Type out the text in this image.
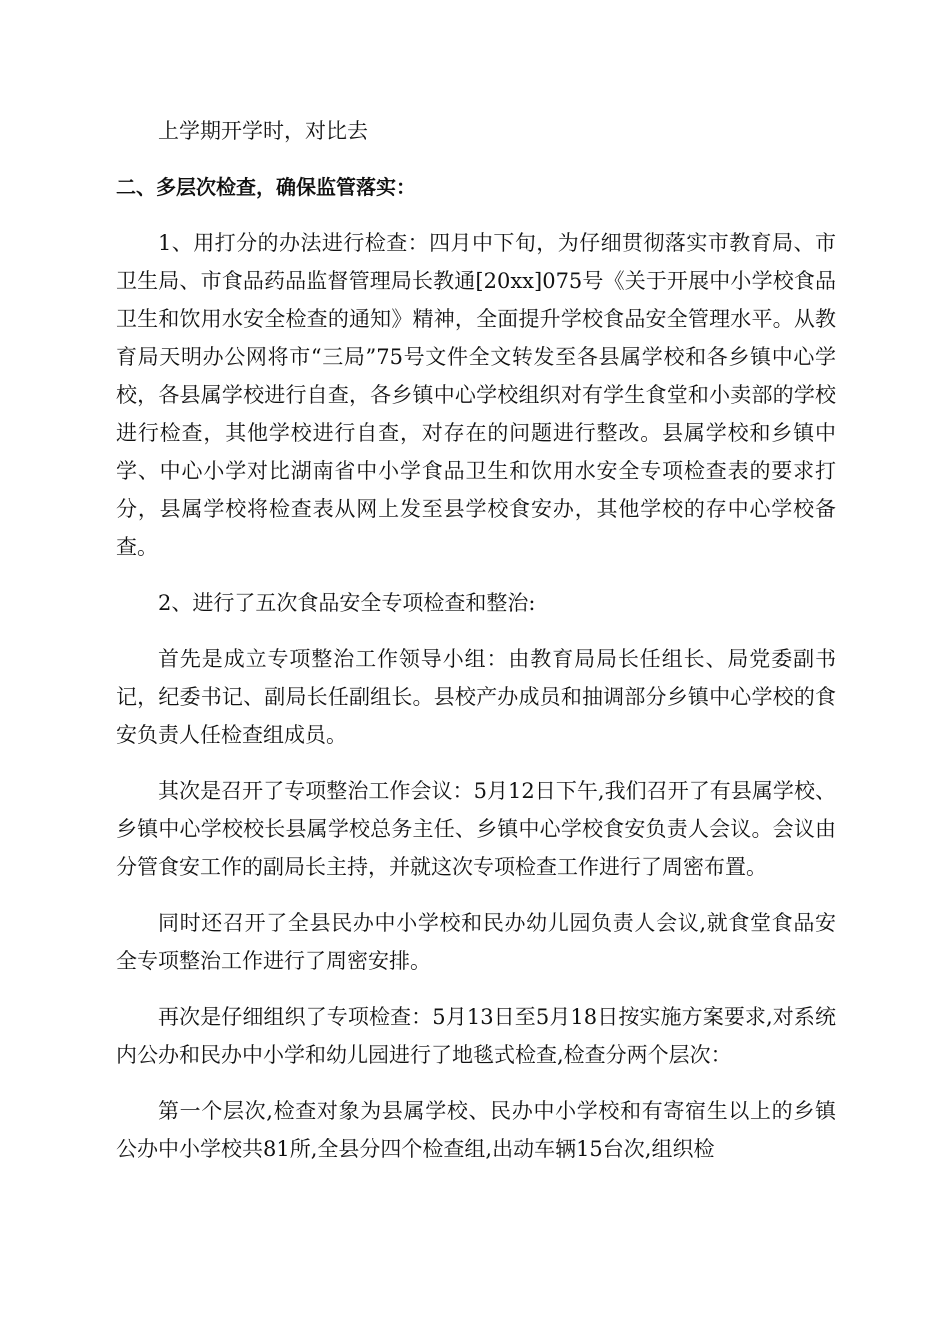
上学期开学时，对比去

二、多层次检查，确保监管落实：

1、用打分的办法进行检查：四月中下旬，为仔细贯彻落实市教育局、市卫生局、市食品药品监督管理局长教通[20xx]075号《关于开展中小学校食品卫生和饮用水安全检查的通知》精神，全面提升学校食品安全管理水平。从教育局天明办公网将市“三局”75号文件全文转发至各县属学校和各乡镇中心学校，各县属学校进行自查，各乡镇中心学校组织对有学生食堂和小卖部的学校进行检查，其他学校进行自查，对存在的问题进行整改。县属学校和乡镇中学、中心小学对比湖南省中小学食品卫生和饮用水安全专项检查表的要求打分，县属学校将检查表从网上发至县学校食安办，其他学校的存中心学校备查。

2、进行了五次食品安全专项检查和整治:

首先是成立专项整治工作领导小组：由教育局局长任组长、局党委副书记，纪委书记、副局长任副组长。县校产办成员和抽调部分乡镇中心学校的食安负责人任检查组成员。

其次是召开了专项整治工作会议：5月12日下午,我们召开了有县属学校、乡镇中心学校校长县属学校总务主任、乡镇中心学校食安负责人会议。会议由分管食安工作的副局长主持，并就这次专项检查工作进行了周密布置。

同时还召开了全县民办中小学校和民办幼儿园负责人会议,就食堂食品安全专项整治工作进行了周密安排。

再次是仔细组织了专项检查：5月13日至5月18日按实施方案要求,对系统内公办和民办中小学和幼儿园进行了地毯式检查,检查分两个层次：

第一个层次,检查对象为县属学校、民办中小学校和有寄宿生以上的乡镇公办中小学校共81所,全县分四个检查组,出动车辆15台次,组织检
